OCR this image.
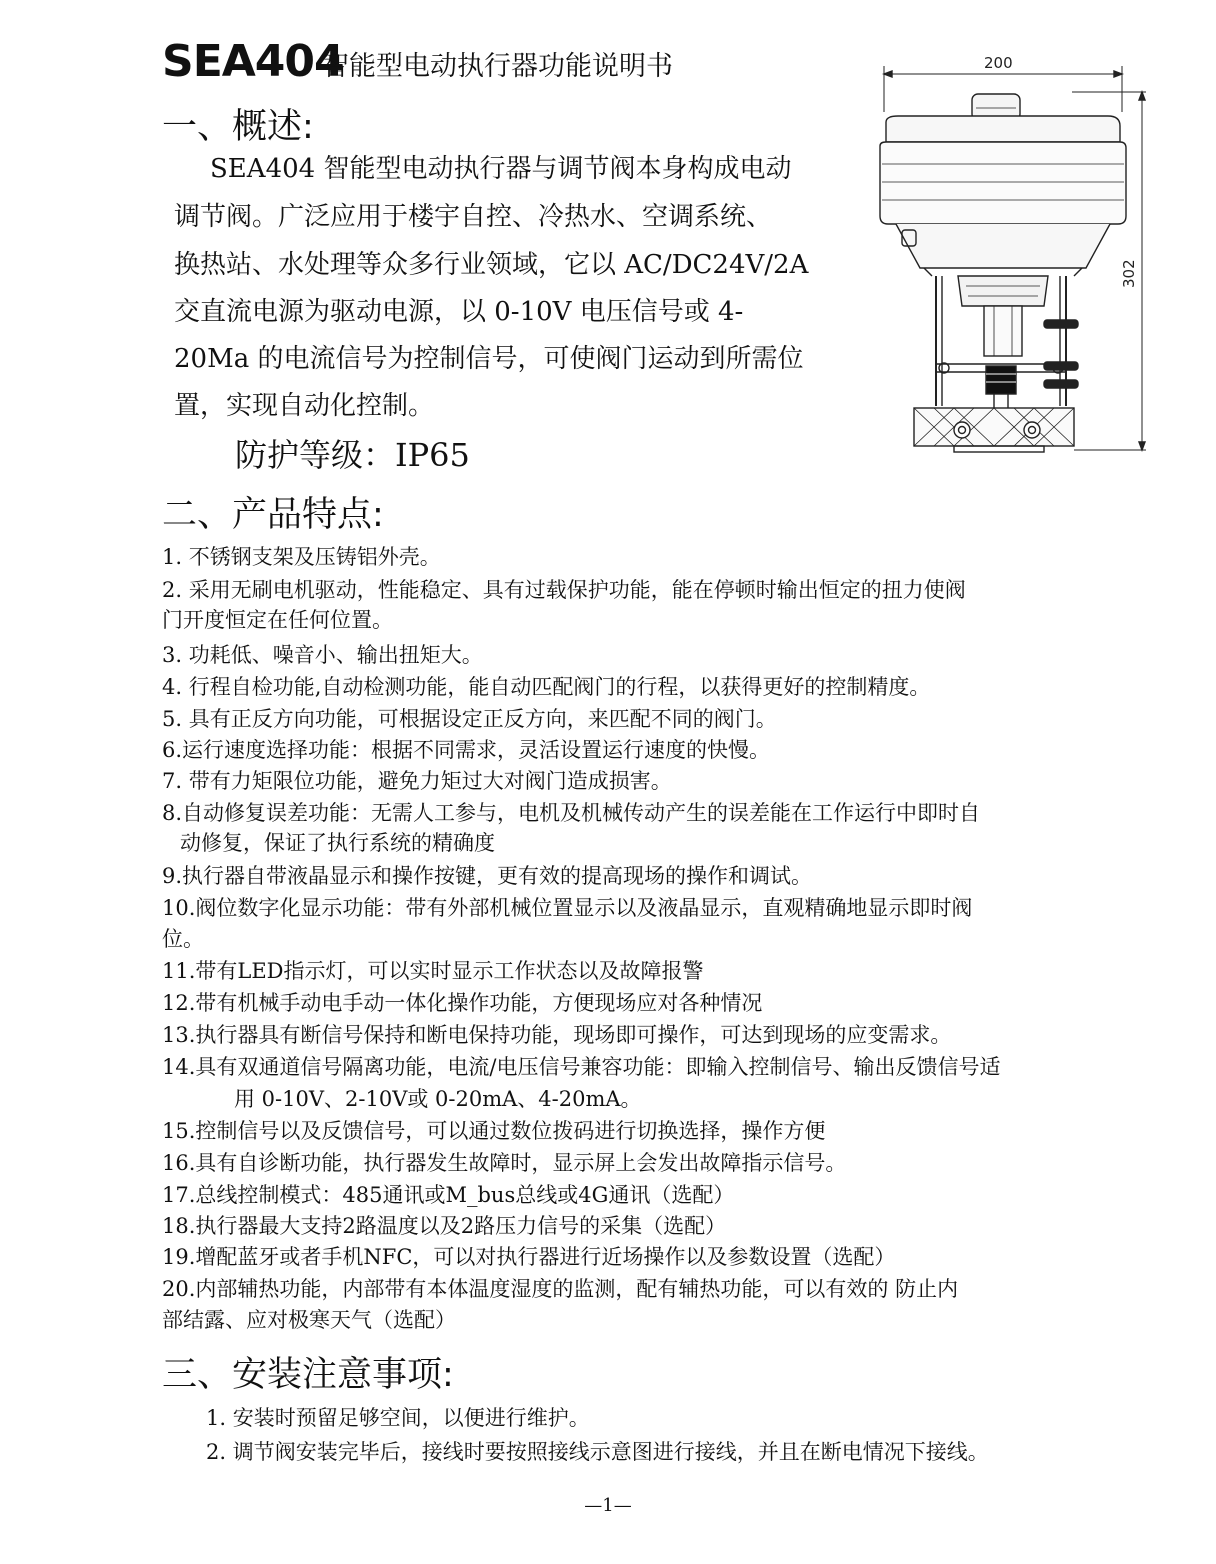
SEA404
智能型电动执行器功能说明书
一、概述:
SEA404 智能型电动执行器与调节阀本身构成电动
调节阀。广泛应用于楼宇自控、冷热水、空调系统、
换热站、水处理等众多行业领域，它以 AC/DC24V/2A
交直流电源为驱动电源，以 0-10V 电压信号或 4-
20Ma 的电流信号为控制信号，可使阀门运动到所需位
置，实现自动化控制。
防护等级：IP65
200
302
二、产品特点:
1. 不锈钢支架及压铸铝外壳。
2. 采用无刷电机驱动，性能稳定、具有过载保护功能，能在停顿时输出恒定的扭力使阀
门开度恒定在任何位置。
3. 功耗低、噪音小、输出扭矩大。
4. 行程自检功能,自动检测功能，能自动匹配阀门的行程，以获得更好的控制精度。
5. 具有正反方向功能，可根据设定正反方向，来匹配不同的阀门。
6.运行速度选择功能：根据不同需求，灵活设置运行速度的快慢。
7. 带有力矩限位功能，避免力矩过大对阀门造成损害。
8.自动修复误差功能：无需人工参与，电机及机械传动产生的误差能在工作运行中即时自
动修复，保证了执行系统的精确度
9.执行器自带液晶显示和操作按键，更有效的提高现场的操作和调试。
10.阀位数字化显示功能：带有外部机械位置显示以及液晶显示，直观精确地显示即时阀
位。
11.带有LED指示灯，可以实时显示工作状态以及故障报警
12.带有机械手动电手动一体化操作功能，方便现场应对各种情况
13.执行器具有断信号保持和断电保持功能，现场即可操作，可达到现场的应变需求。
14.具有双通道信号隔离功能，电流/电压信号兼容功能：即输入控制信号、输出反馈信号适
用 0-10V、2-10V或 0-20mA、4-20mA。
15.控制信号以及反馈信号，可以通过数位拨码进行切换选择，操作方便
16.具有自诊断功能，执行器发生故障时，显示屏上会发出故障指示信号。
17.总线控制模式：485通讯或M_bus总线或4G通讯（选配）
18.执行器最大支持2路温度以及2路压力信号的采集（选配）
19.增配蓝牙或者手机NFC，可以对执行器进行近场操作以及参数设置（选配）
20.内部辅热功能，内部带有本体温度湿度的监测，配有辅热功能，可以有效的 防止内
部结露、应对极寒天气（选配）
三、安装注意事项:
1. 安装时预留足够空间，以便进行维护。
2. 调节阀安装完毕后，接线时要按照接线示意图进行接线，并且在断电情况下接线。
—1—
